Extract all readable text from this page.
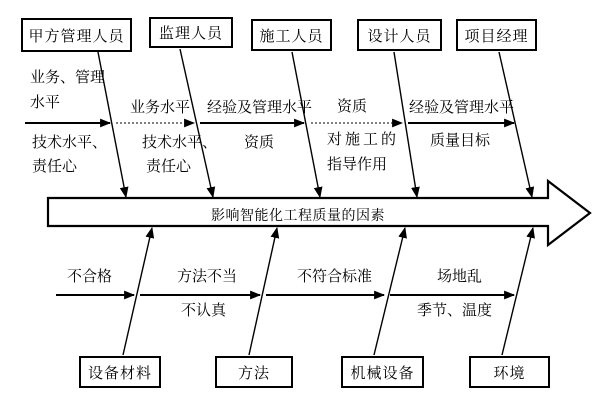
影响智能化工程质量的因素
甲方管理人员	监理人员	施工人员	设计人员	项目经理
设备材料	方法	机械设备	环境
业务、管理
水平
技术水平、
责任心
业务水平
技术水平、
责任心
经验及管理水平
资质
资质
对施工的
指导作用
经验及管理水平
质量目标
不合格	方法不当
不认真
不符合标准	场地乱
季节、温度
